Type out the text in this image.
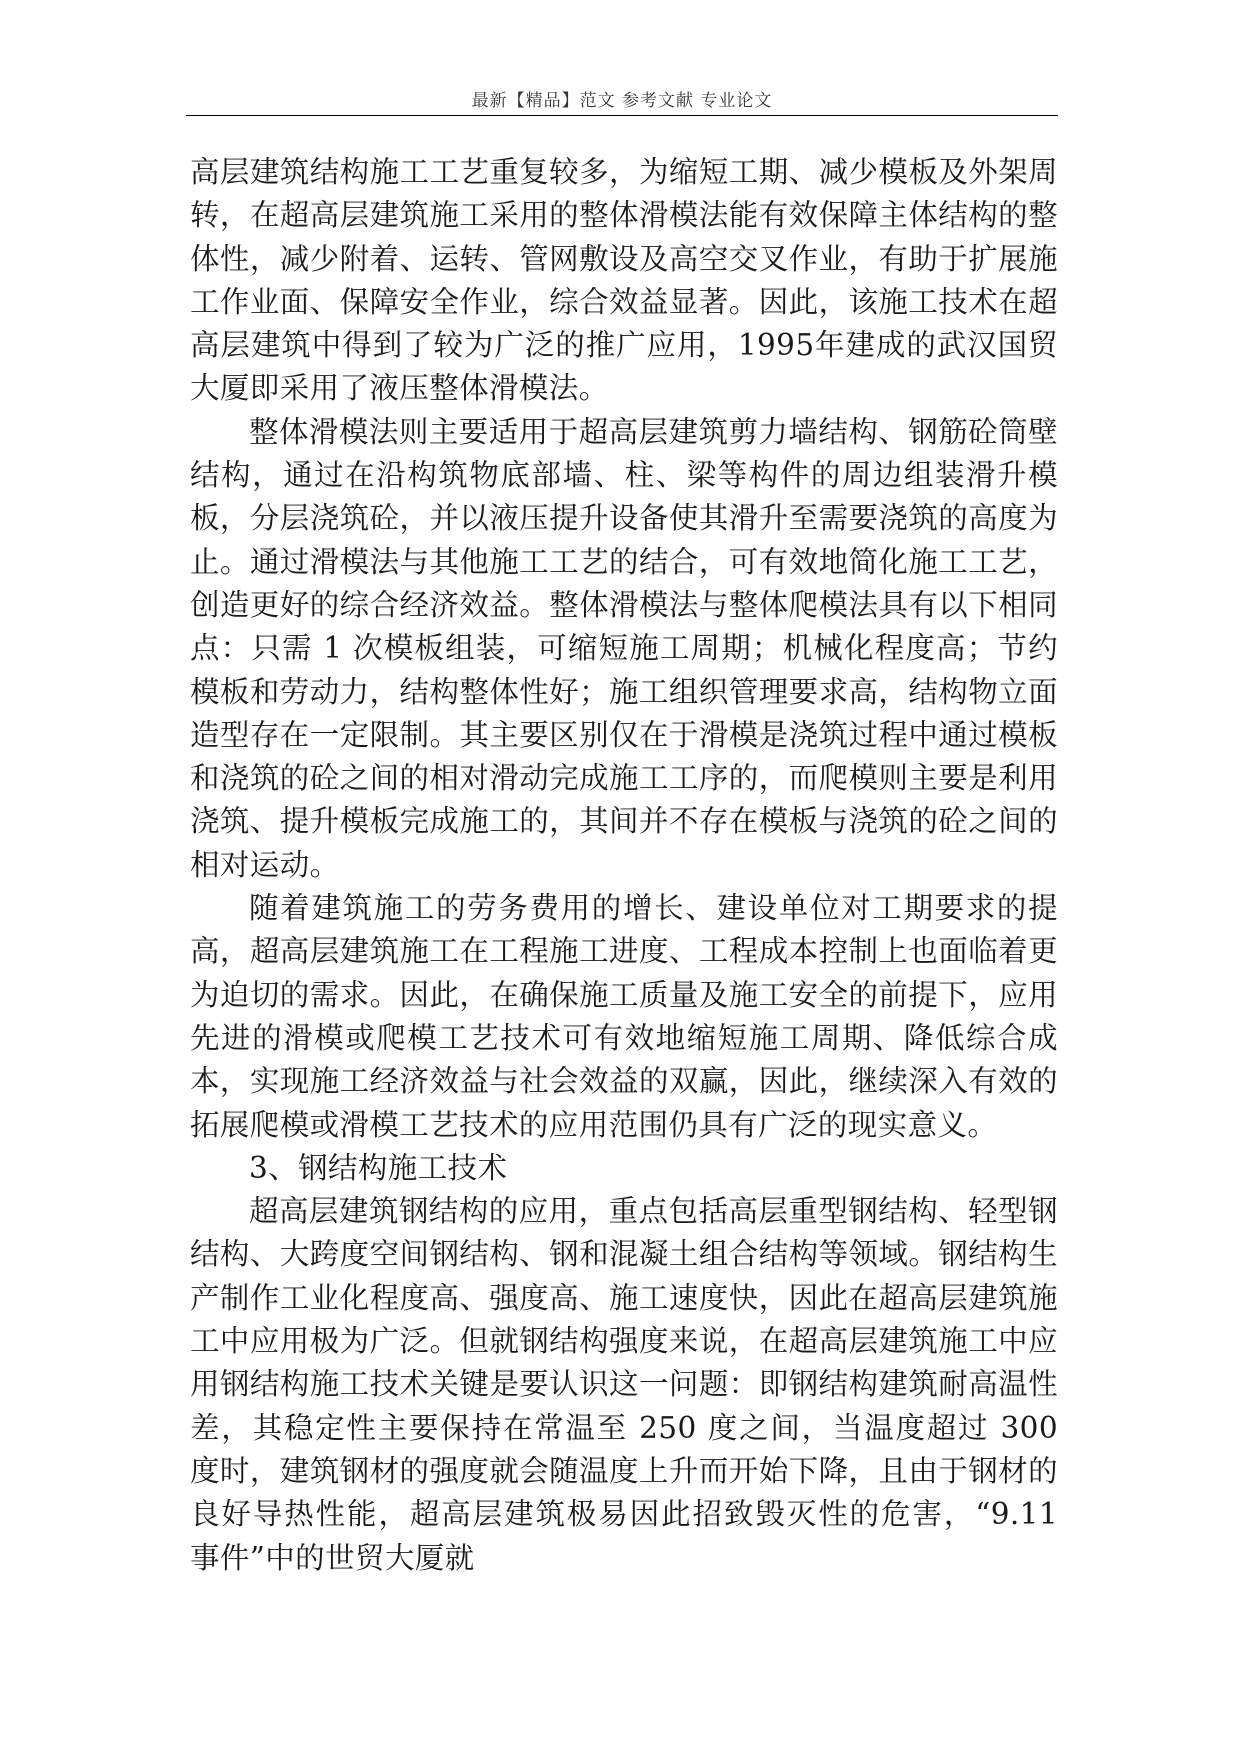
最新【精品】范文 参考文献 专业论文

高层建筑结构施工工艺重复较多，为缩短工期、减少模板及外架周转，在超高层建筑施工采用的整体滑模法能有效保障主体结构的整体性，减少附着、运转、管网敷设及高空交叉作业，有助于扩展施工作业面、保障安全作业，综合效益显著。因此，该施工技术在超高层建筑中得到了较为广泛的推广应用，1995年建成的武汉国贸大厦即采用了液压整体滑模法。

整体滑模法则主要适用于超高层建筑剪力墙结构、钢筋砼筒壁结构，通过在沿构筑物底部墙、柱、梁等构件的周边组装滑升模板，分层浇筑砼，并以液压提升设备使其滑升至需要浇筑的高度为止。通过滑模法与其他施工工艺的结合，可有效地简化施工工艺，创造更好的综合经济效益。整体滑模法与整体爬模法具有以下相同点：只需 1 次模板组装，可缩短施工周期；机械化程度高；节约模板和劳动力，结构整体性好；施工组织管理要求高，结构物立面造型存在一定限制。其主要区别仅在于滑模是浇筑过程中通过模板和浇筑的砼之间的相对滑动完成施工工序的，而爬模则主要是利用浇筑、提升模板完成施工的，其间并不存在模板与浇筑的砼之间的相对运动。

随着建筑施工的劳务费用的增长、建设单位对工期要求的提高，超高层建筑施工在工程施工进度、工程成本控制上也面临着更为迫切的需求。因此，在确保施工质量及施工安全的前提下，应用先进的滑模或爬模工艺技术可有效地缩短施工周期、降低综合成本，实现施工经济效益与社会效益的双赢，因此，继续深入有效的拓展爬模或滑模工艺技术的应用范围仍具有广泛的现实意义。

3、钢结构施工技术

超高层建筑钢结构的应用，重点包括高层重型钢结构、轻型钢结构、大跨度空间钢结构、钢和混凝土组合结构等领域。钢结构生产制作工业化程度高、强度高、施工速度快，因此在超高层建筑施工中应用极为广泛。但就钢结构强度来说，在超高层建筑施工中应用钢结构施工技术关键是要认识这一问题：即钢结构建筑耐高温性差，其稳定性主要保持在常温至 250 度之间，当温度超过 300 度时，建筑钢材的强度就会随温度上升而开始下降，且由于钢材的良好导热性能，超高层建筑极易因此招致毁灭性的危害，“9.11 事件”中的世贸大厦就
